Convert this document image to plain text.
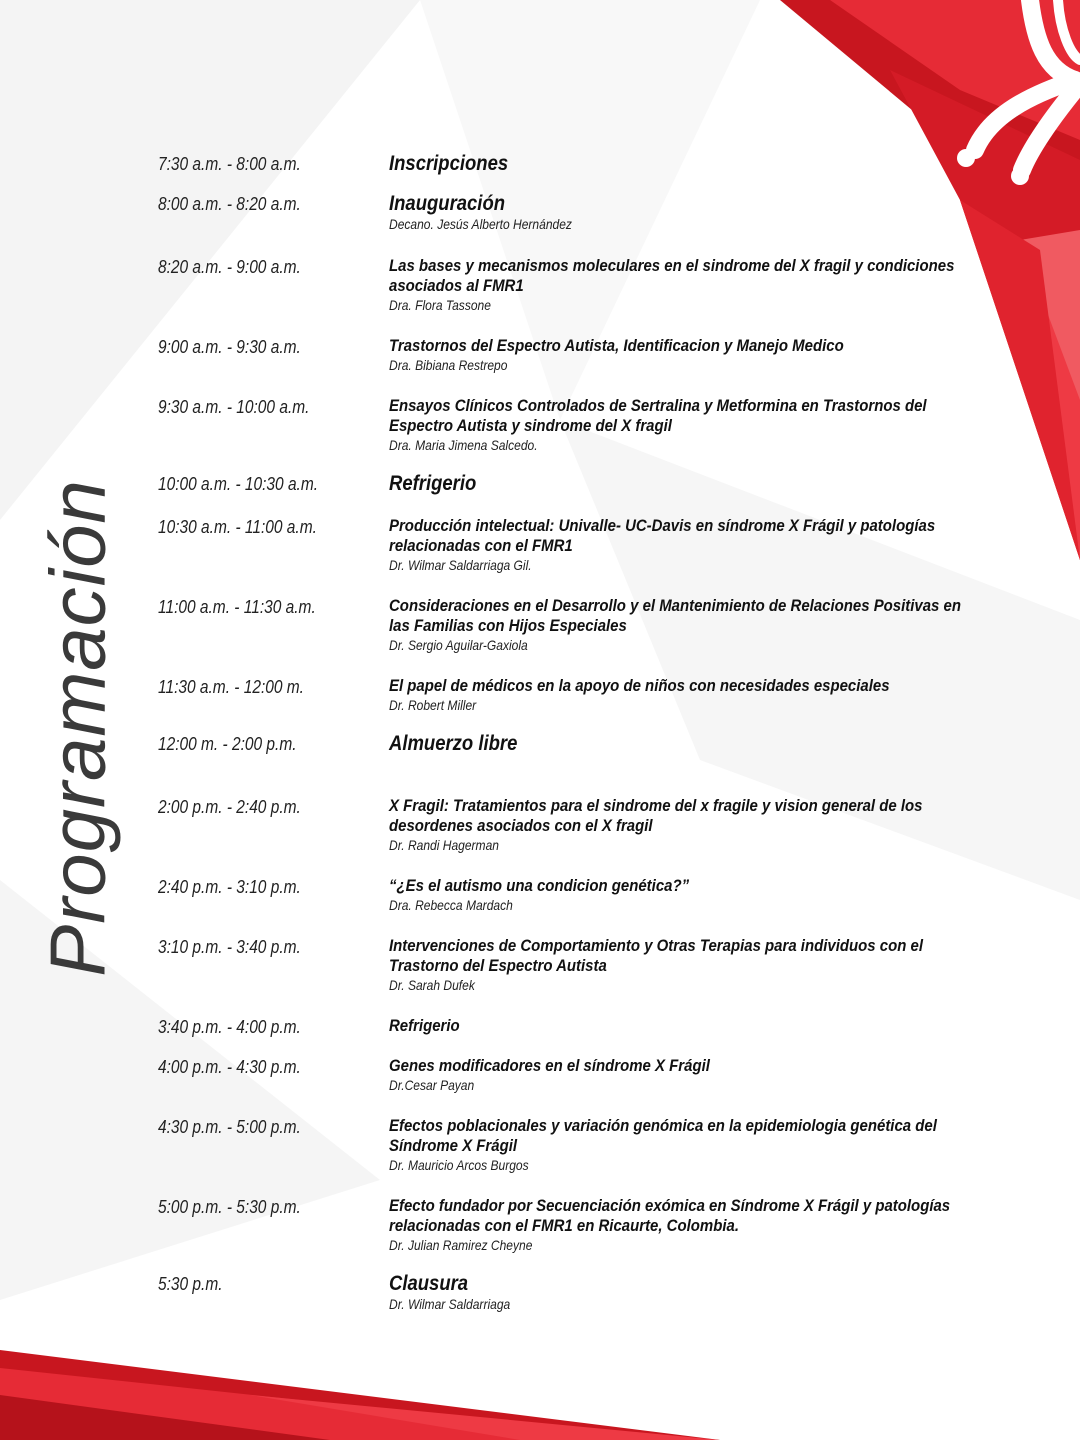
Programación
7:30 a.m. - 8:00 a.m.	Inscripciones
8:00 a.m. - 8:20 a.m.	Inauguración
Decano. Jesús Alberto Hernández
8:20 a.m. - 9:00 a.m.	Las bases y mecanismos moleculares en el sindrome del X fragil y condiciones asociados al FMR1
Dra. Flora Tassone
9:00 a.m. - 9:30 a.m.	Trastornos del Espectro Autista, Identificacion y Manejo Medico
Dra. Bibiana Restrepo
9:30 a.m. - 10:00 a.m.	Ensayos Clínicos Controlados de Sertralina y Metformina en Trastornos del Espectro Autista y sindrome del X fragil
Dra. Maria Jimena Salcedo.
10:00 a.m. - 10:30 a.m.	Refrigerio
10:30 a.m. - 11:00 a.m.	Producción intelectual: Univalle- UC-Davis en síndrome X Frágil y patologías relacionadas con el FMR1
Dr. Wilmar Saldarriaga Gil.
11:00 a.m. - 11:30 a.m.	Consideraciones en el Desarrollo y el Mantenimiento de Relaciones Positivas en las Familias con Hijos Especiales
Dr. Sergio Aguilar-Gaxiola
11:30 a.m. - 12:00 m.	El papel de médicos en la apoyo de niños con necesidades especiales
Dr. Robert Miller
12:00 m. - 2:00 p.m.	Almuerzo libre
2:00 p.m. - 2:40 p.m.	X Fragil: Tratamientos para el sindrome del x fragile y vision general de los desordenes asociados con el X fragil
Dr. Randi Hagerman
2:40 p.m. - 3:10 p.m.	“¿Es el autismo una condicion genética?”
Dra. Rebecca Mardach
3:10 p.m. - 3:40 p.m.	Intervenciones de Comportamiento y Otras Terapias para individuos con el Trastorno del Espectro Autista
Dr. Sarah Dufek
3:40 p.m. - 4:00 p.m.	Refrigerio
4:00 p.m. - 4:30 p.m.	Genes modificadores en el síndrome X Frágil
Dr.Cesar Payan
4:30 p.m. - 5:00 p.m.	Efectos poblacionales y variación genómica en la epidemiologia genética del Síndrome X Frágil
Dr. Mauricio Arcos Burgos
5:00 p.m. - 5:30 p.m.	Efecto fundador por Secuenciación exómica en Síndrome X Frágil y patologías relacionadas con el FMR1 en Ricaurte, Colombia.
Dr. Julian Ramirez Cheyne
5:30 p.m.	Clausura
Dr. Wilmar Saldarriaga
